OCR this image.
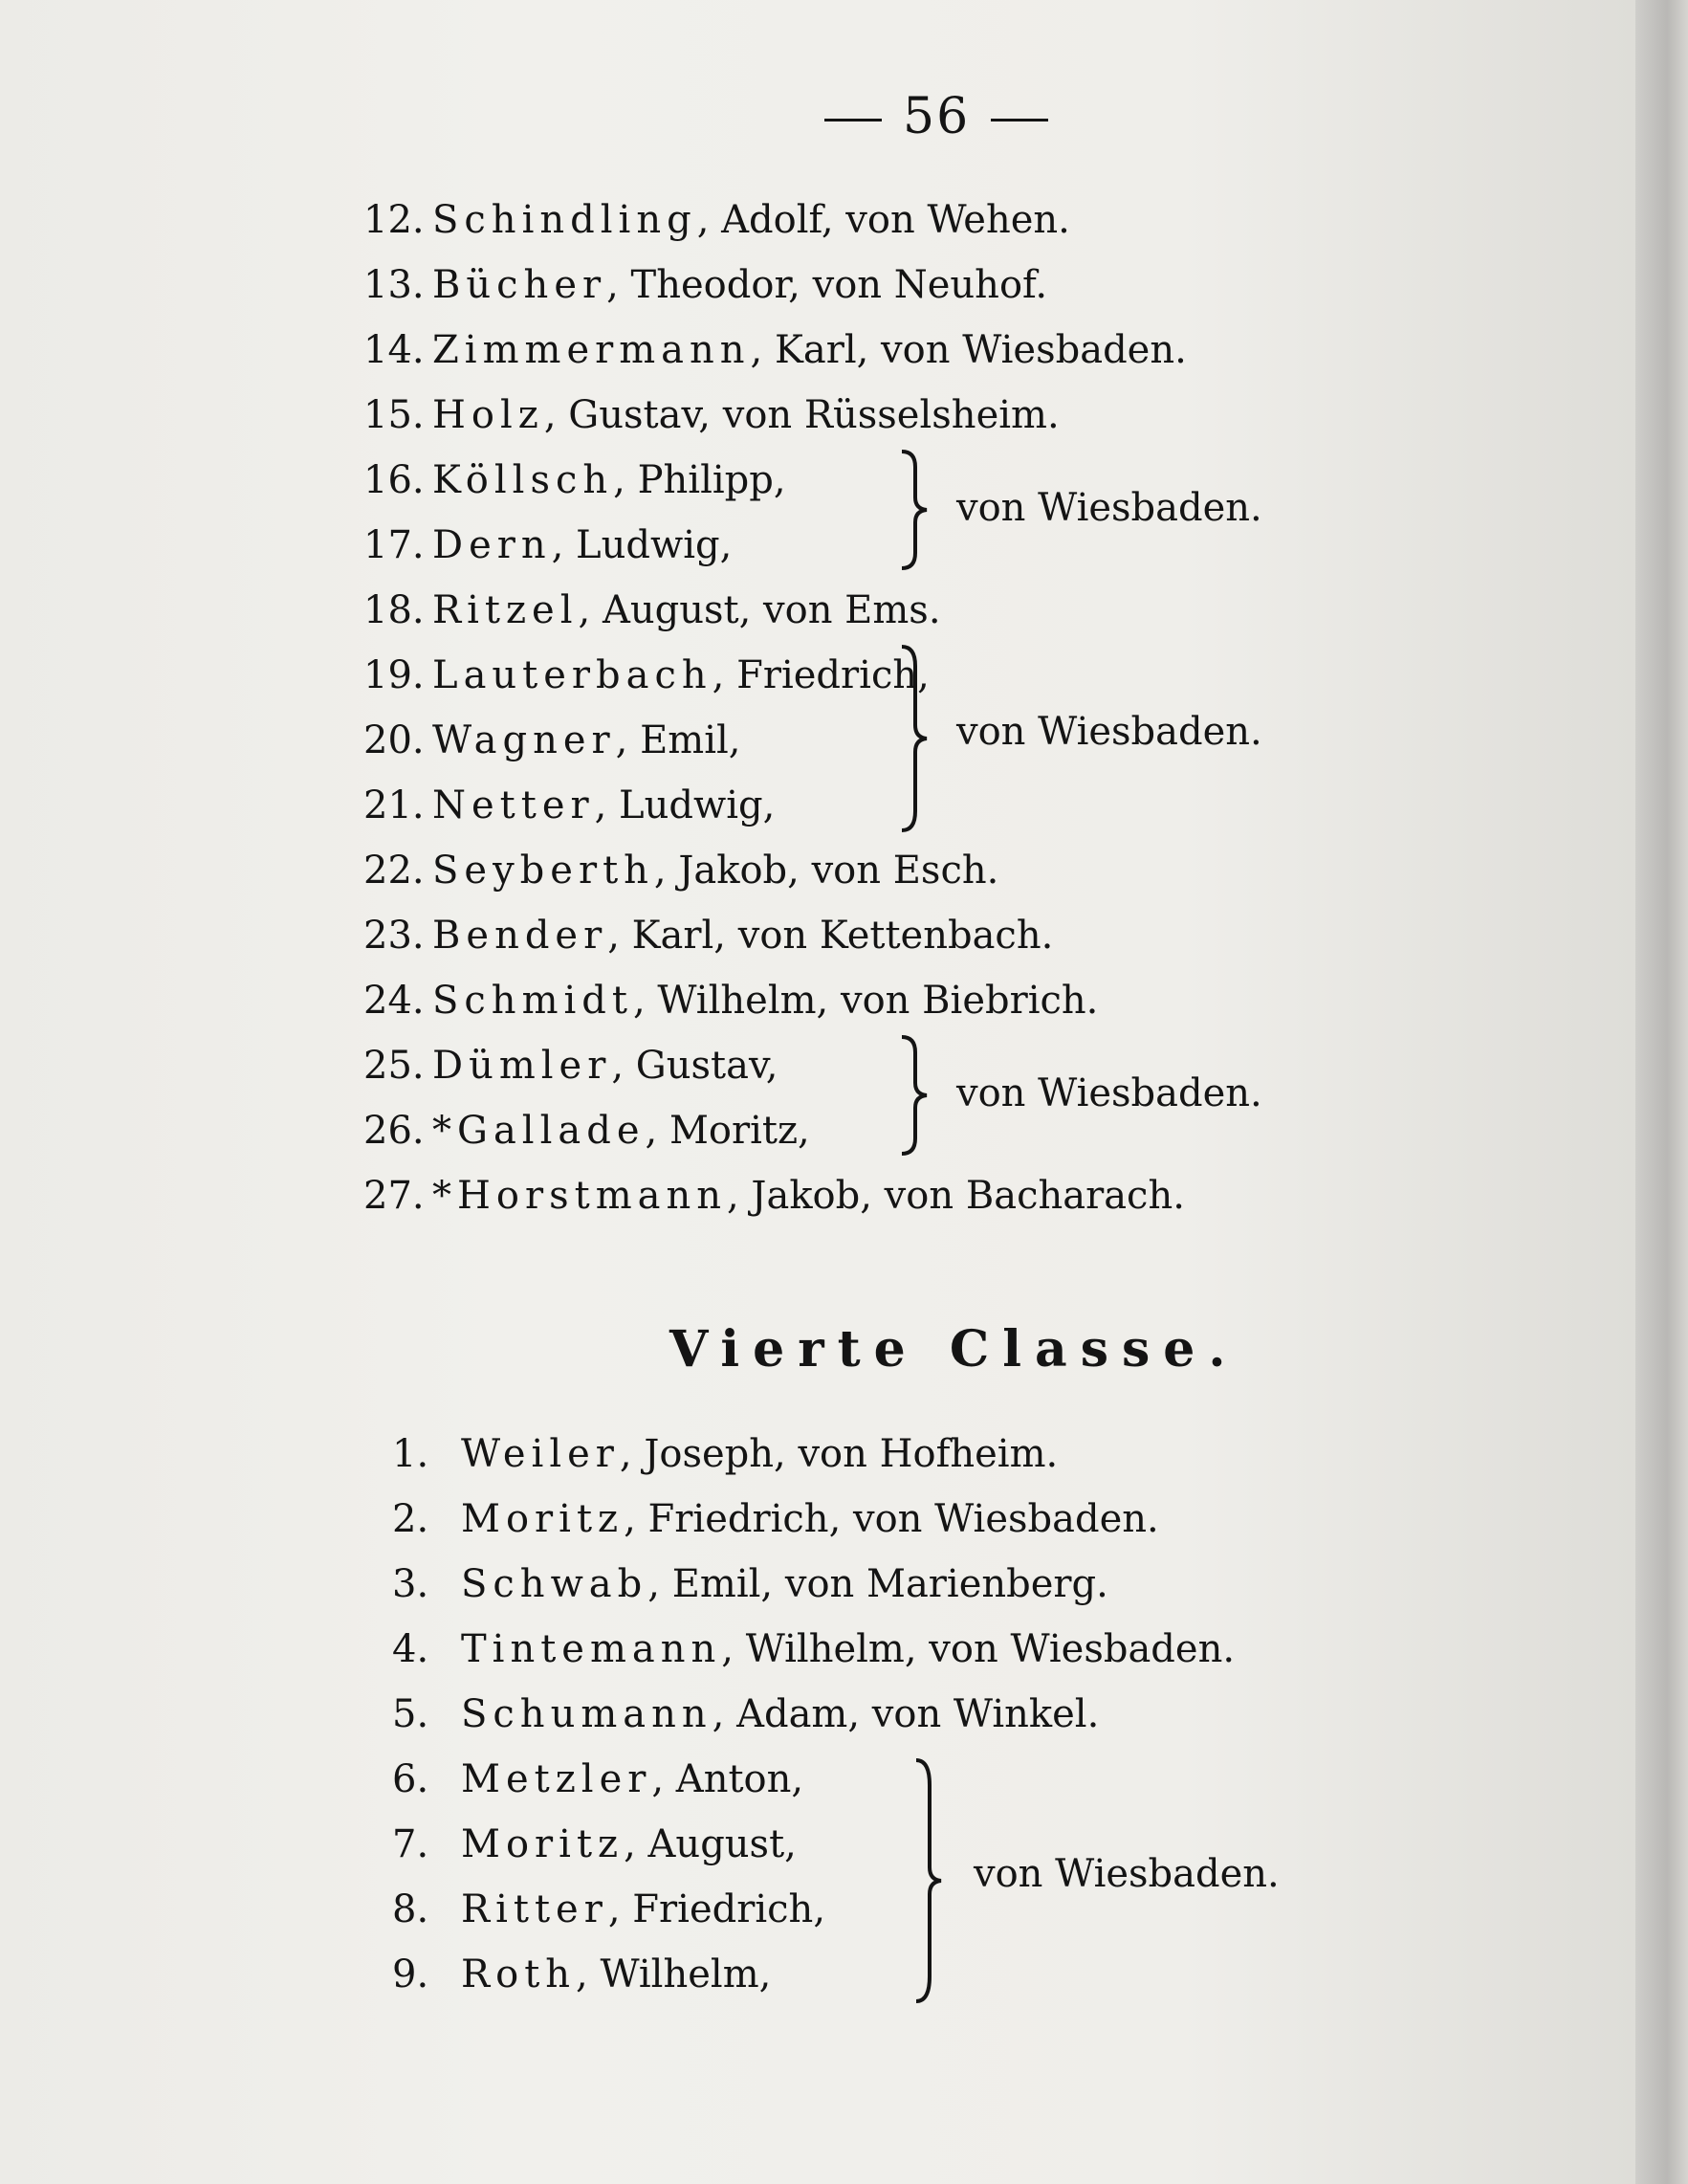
56
12. Schindling, Adolf, von Wehen.
13. Bücher, Theodor, von Neuhof.
14. Zimmermann, Karl, von Wiesbaden.
15. Holz, Gustav, von Rüsselsheim.
16. Köllsch, Philipp,
17. Dern, Ludwig,
18. Ritzel, August, von Ems.
19. Lauterbach, Friedrich,
20. Wagner, Emil,
21. Netter, Ludwig,
22. Seyberth, Jakob, von Esch.
23. Bender, Karl, von Kettenbach.
24. Schmidt, Wilhelm, von Biebrich.
25. Dümler, Gustav,
26. *Gallade, Moritz,
27. *Horstmann, Jakob, von Bacharach.
von Wiesbaden.
von Wiesbaden.
von Wiesbaden.
Vierte Classe.
1. Weiler, Joseph, von Hofheim.
2. Moritz, Friedrich, von Wiesbaden.
3. Schwab, Emil, von Marienberg.
4. Tintemann, Wilhelm, von Wiesbaden.
5. Schumann, Adam, von Winkel.
6. Metzler, Anton,
7. Moritz, August,
8. Ritter, Friedrich,
9. Roth, Wilhelm,
von Wiesbaden.
